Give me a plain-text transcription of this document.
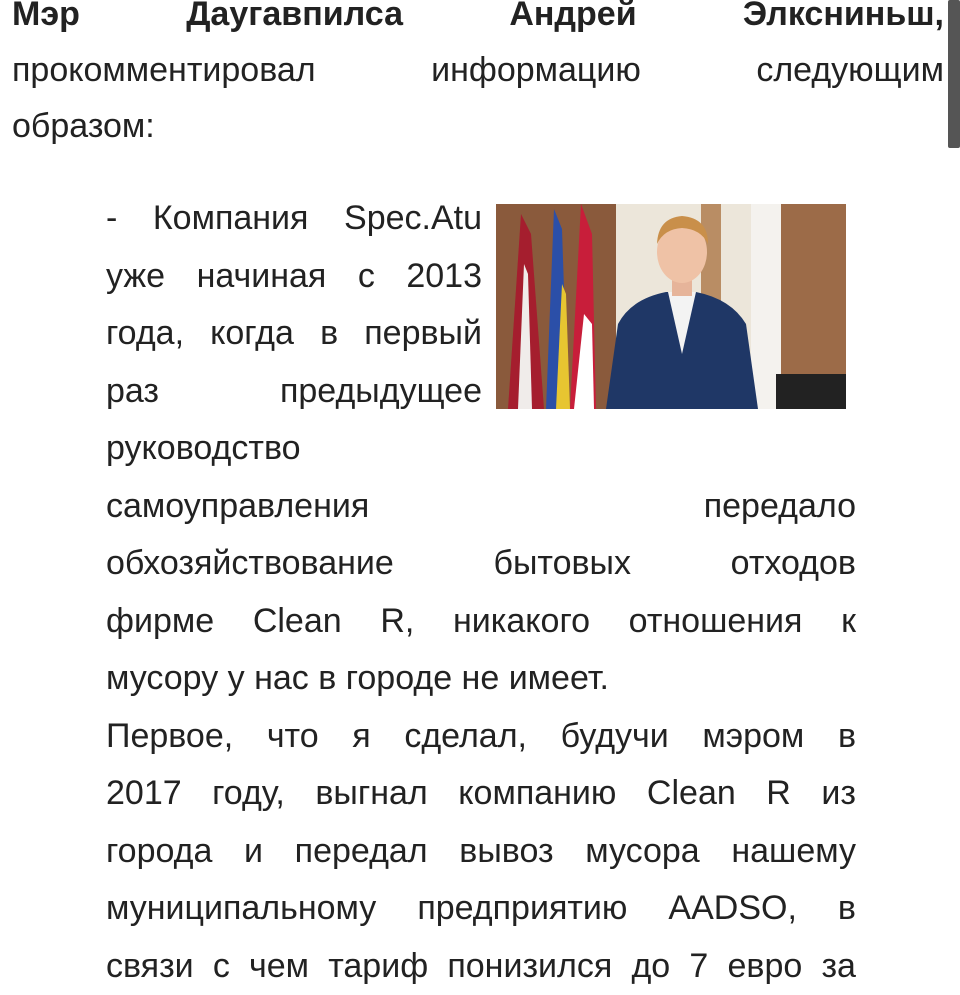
Мэр	Даугавпилса	Андрей	Элксниньш,
прокомментировал	информацию	следующим
образом:
- Компания Spec.Atu
уже начиная с 2013
года, когда в первый
раз	предыдущее
руководство
самоуправления	передало
обхозяйствование	бытовых	отходов
фирме Clean R, никакого отношения к
мусору у нас в городе не имеет.
Первое, что я сделал, будучи мэром в
2017 году, выгнал компанию Clean R из
города и передал вывоз мусора нашему
муниципальному предприятию AADSO, в
связи с чем тариф понизился до 7 евро за
